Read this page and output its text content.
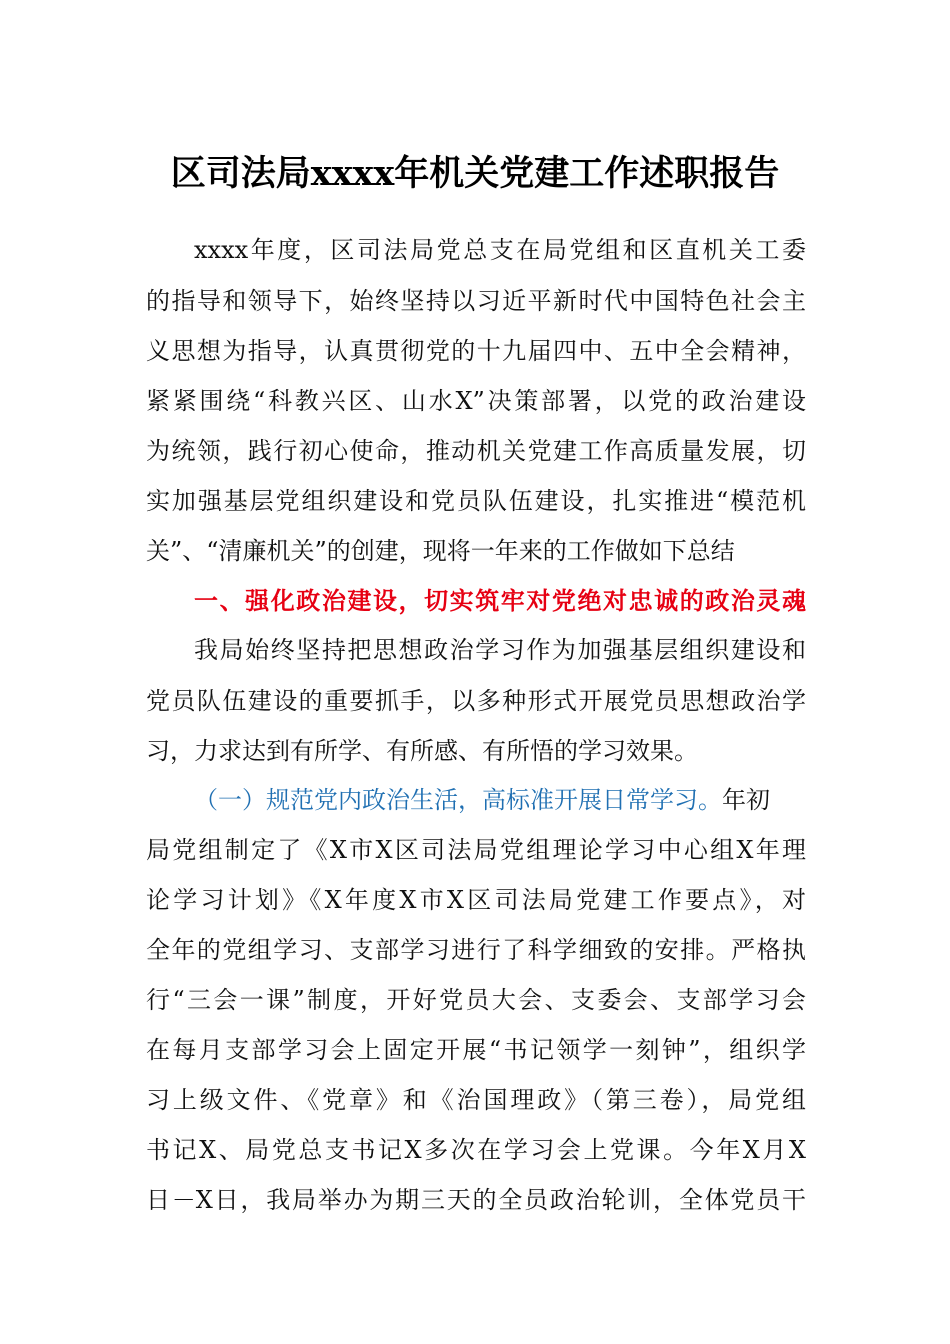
区司法局xxxx年机关党建工作述职报告
xxxx年度，区司法局党总支在局党组和区直机关工委
的指导和领导下，始终坚持以习近平新时代中国特色社会主
义思想为指导，认真贯彻党的十九届四中、五中全会精神，
紧紧围绕“科教兴区、山水X”决策部署，以党的政治建设
为统领，践行初心使命，推动机关党建工作高质量发展，切
实加强基层党组织建设和党员队伍建设，扎实推进“模范机
关”、“清廉机关”的创建，现将一年来的工作做如下总结
一、强化政治建设，切实筑牢对党绝对忠诚的政治灵魂
我局始终坚持把思想政治学习作为加强基层组织建设和
党员队伍建设的重要抓手，以多种形式开展党员思想政治学
习，力求达到有所学、有所感、有所悟的学习效果。
（一）规范党内政治生活，高标准开展日常学习。年初
局党组制定了《X市X区司法局党组理论学习中心组X年理
论学习计划》《X年度X市X区司法局党建工作要点》，对
全年的党组学习、支部学习进行了科学细致的安排。严格执
行“三会一课”制度，开好党员大会、支委会、支部学习会
在每月支部学习会上固定开展“书记领学一刻钟”，组织学
习上级文件、《党章》和《治国理政》（第三卷），局党组
书记X、局党总支书记X多次在学习会上党课。今年X月X
日－X日，我局举办为期三天的全员政治轮训，全体党员干
